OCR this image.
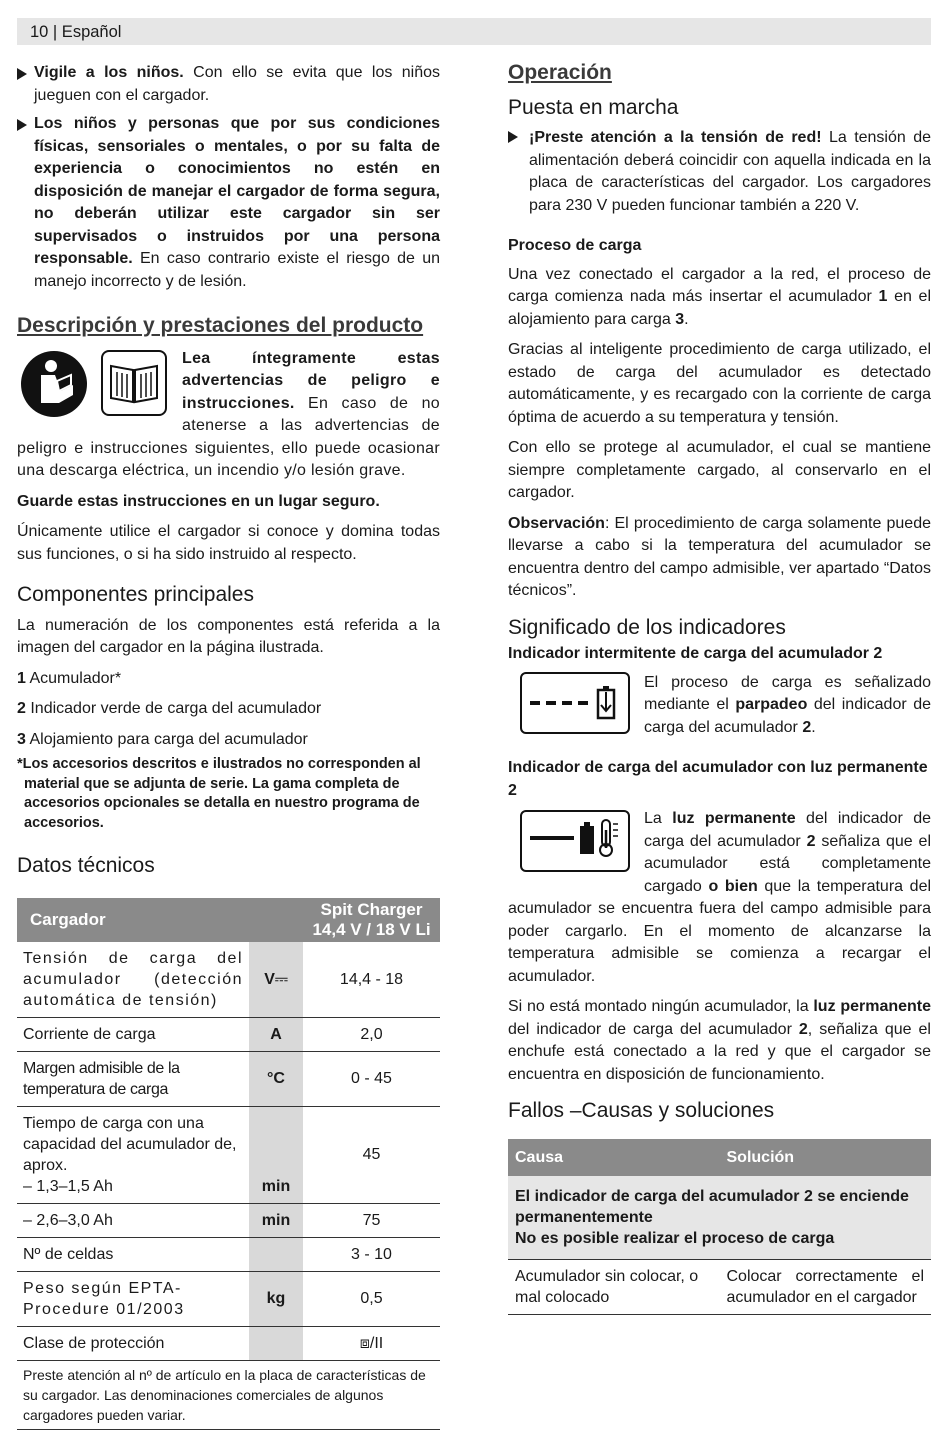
10 | Español
Vigile a los niños. Con ello se evita que los niños jueguen con el cargador.
Los niños y personas que por sus condiciones físicas, sensoriales o mentales, o por su falta de experiencia o conocimientos no estén en disposición de manejar el cargador de forma segura, no deberán utilizar este cargador sin ser supervisados o instruidos por una persona responsable. En caso contrario existe el riesgo de un manejo incorrecto y de lesión.
Descripción y prestaciones del producto

Lea íntegramente estas advertencias de peligro e instrucciones. En caso de no atenerse a las advertencias de peligro e instrucciones siguientes, ello puede ocasionar una descarga eléctrica, un incendio y/o lesión grave.

Guarde estas instrucciones en un lugar seguro.

Únicamente utilice el cargador si conoce y domina todas sus funciones, o si ha sido instruido al respecto.

Componentes principales

La numeración de los componentes está referida a la imagen del cargador en la página ilustrada.

1 Acumulador*

2 Indicador verde de carga del acumulador

3 Alojamiento para carga del acumulador

*Los accesorios descritos e ilustrados no corresponden al material que se adjunta de serie. La gama completa de accesorios opcionales se detalla en nuestro programa de accesorios.
Datos técnicos
Cargador		Spit Charger 14,4 V / 18 V Li
Tensión de carga del acumulador (detección automática de tensión)	V⎓	14,4 - 18
Corriente de carga	A	2,0
Margen admisible de la temperatura de carga	°C	0 - 45
Tiempo de carga con una capacidad del acumulador de, aprox.
– 1,3–1,5 Ah	min	45
– 2,6–3,0 Ah	min	75
Nº de celdas		3 - 10
Peso según EPTA-Procedure 01/2003	kg	0,5
Clase de protección		⧈/II
Preste atención al nº de artículo en la placa de características de su cargador. Las denominaciones comerciales de algunos cargadores pueden variar.		
Operación
Puesta en marcha
¡Preste atención a la tensión de red! La tensión de alimentación deberá coincidir con aquella indicada en la placa de características del cargador. Los cargadores para 230 V pueden funcionar también a 220 V.
Proceso de carga

Una vez conectado el cargador a la red, el proceso de carga comienza nada más insertar el acumulador 1 en el alojamiento para carga 3.

Gracias al inteligente procedimiento de carga utilizado, el estado de carga del acumulador es detectado automáticamente, y es recargado con la corriente de carga óptima de acuerdo a su temperatura y tensión.

Con ello se protege al acumulador, el cual se mantiene siempre completamente cargado, al conservarlo en el cargador.

Observación: El procedimiento de carga solamente puede llevarse a cabo si la temperatura del acumulador se encuentra dentro del campo admisible, ver apartado “Datos técnicos”.

Significado de los indicadores
Indicador intermitente de carga del acumulador 2

El proceso de carga es señalizado mediante el parpadeo del indicador de carga del acumulador 2.

Indicador de carga del acumulador con luz permanente 2

La luz permanente del indicador de carga del acumulador 2 señaliza que el acumulador está completamente cargado o bien que la temperatura del acumulador se encuentra fuera del campo admisible para poder cargarlo. En el momento de alcanzarse la temperatura admisible se comienza a recargar el acumulador.

Si no está montado ningún acumulador, la luz permanente del indicador de carga del acumulador 2, señaliza que el enchufe está conectado a la red y que el cargador se encuentra en disposición de funcionamiento.

Fallos –Causas y soluciones
Causa	Solución
El indicador de carga del acumulador 2 se enciende permanentemente
No es posible realizar el proceso de carga	
Acumulador sin colocar, o mal colocado	Colocar correctamente el acumulador en el cargador
